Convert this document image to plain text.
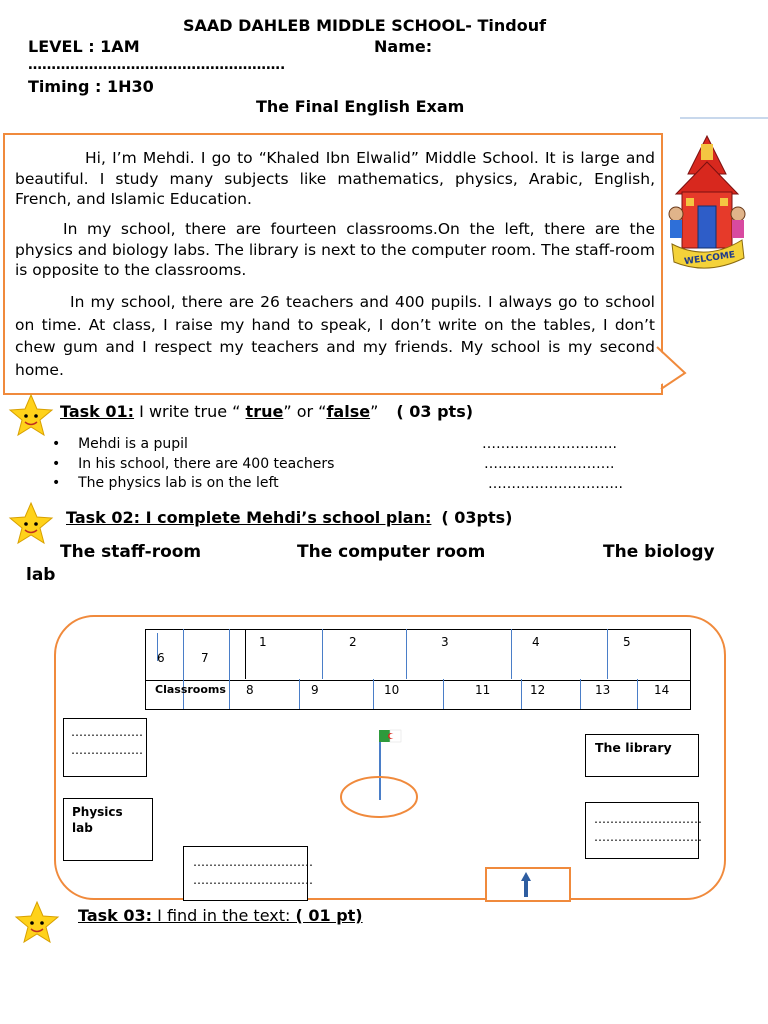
SAAD DAHLEB MIDDLE SCHOOL- Tindouf
LEVEL : 1AM	Name:
……………………………………………….
Timing : 1H30
The Final English Exam
Hi, I’m Mehdi. I go to “Khaled Ibn Elwalid” Middle School. It is large and beautiful. I study many subjects like mathematics, physics, Arabic, English, French, and Islamic Education.
In my school, there are fourteen classrooms.On the left, there are the physics and biology labs. The library is next to the computer room. The staff-room is opposite to the classrooms.
In my school, there are 26 teachers and 400 pupils. I always go to school on time. At class, I raise my hand to speak, I don’t write on the tables, I don’t chew gum and I respect my teachers and my friends. My school is my second home.
WELCOME
Task 01: I write true “ true” or “false” ( 03 pts)
•    Mehdi is a pupil	………………………..
•    In his school, there are 400 teachers	……………………….
•    The physics lab is on the left	………………………..
Task 02: I complete Mehdi’s school plan: ( 03pts)
The staff-room	The computer room	The biology
lab
1	2	3	4	5
6	7
Classrooms 8	9	10	11	12	13	14
………………
………………
Physics
lab
…………………………
…………………………
The library
………………………
………………………
Task 03: I find in the text: ( 01 pt)
